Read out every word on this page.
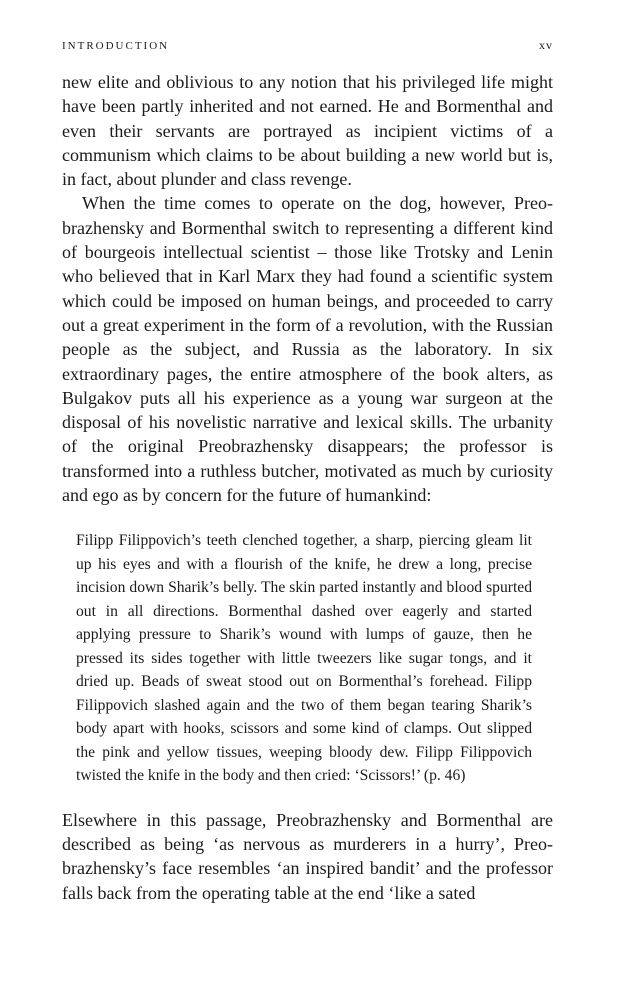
INTRODUCTION	xv

new elite and oblivious to any notion that his privileged life might have been partly inherited and not earned. He and Bormenthal and even their servants are portrayed as incipient victims of a communism which claims to be about building a new world but is, in fact, about plunder and class revenge.

When the time comes to operate on the dog, however, Preobrazhensky and Bormenthal switch to representing a different kind of bourgeois intellectual scientist – those like Trotsky and Lenin who believed that in Karl Marx they had found a scientific system which could be imposed on human beings, and proceeded to carry out a great experiment in the form of a revolution, with the Russian people as the subject, and Russia as the laboratory. In six extraordinary pages, the entire atmosphere of the book alters, as Bulgakov puts all his experience as a young war surgeon at the disposal of his novelistic narrative and lexical skills. The urbanity of the original Preobrazhensky disappears; the professor is transformed into a ruthless butcher, motivated as much by curiosity and ego as by concern for the future of humankind:

Filipp Filippovich’s teeth clenched together, a sharp, piercing gleam lit up his eyes and with a flourish of the knife, he drew a long, precise incision down Sharik’s belly. The skin parted instantly and blood spurted out in all directions. Bormenthal dashed over eagerly and started applying pressure to Sharik’s wound with lumps of gauze, then he pressed its sides together with little tweezers like sugar tongs, and it dried up. Beads of sweat stood out on Bormenthal’s forehead. Filipp Filippovich slashed again and the two of them began tearing Sharik’s body apart with hooks, scissors and some kind of clamps. Out slipped the pink and yellow tissues, weeping bloody dew. Filipp Filippovich twisted the knife in the body and then cried: ‘Scissors!’ (p. 46)

Elsewhere in this passage, Preobrazhensky and Bormenthal are described as being ‘as nervous as murderers in a hurry’, Preobrazhensky’s face resembles ‘an inspired bandit’ and the professor falls back from the operating table at the end ‘like a sated
